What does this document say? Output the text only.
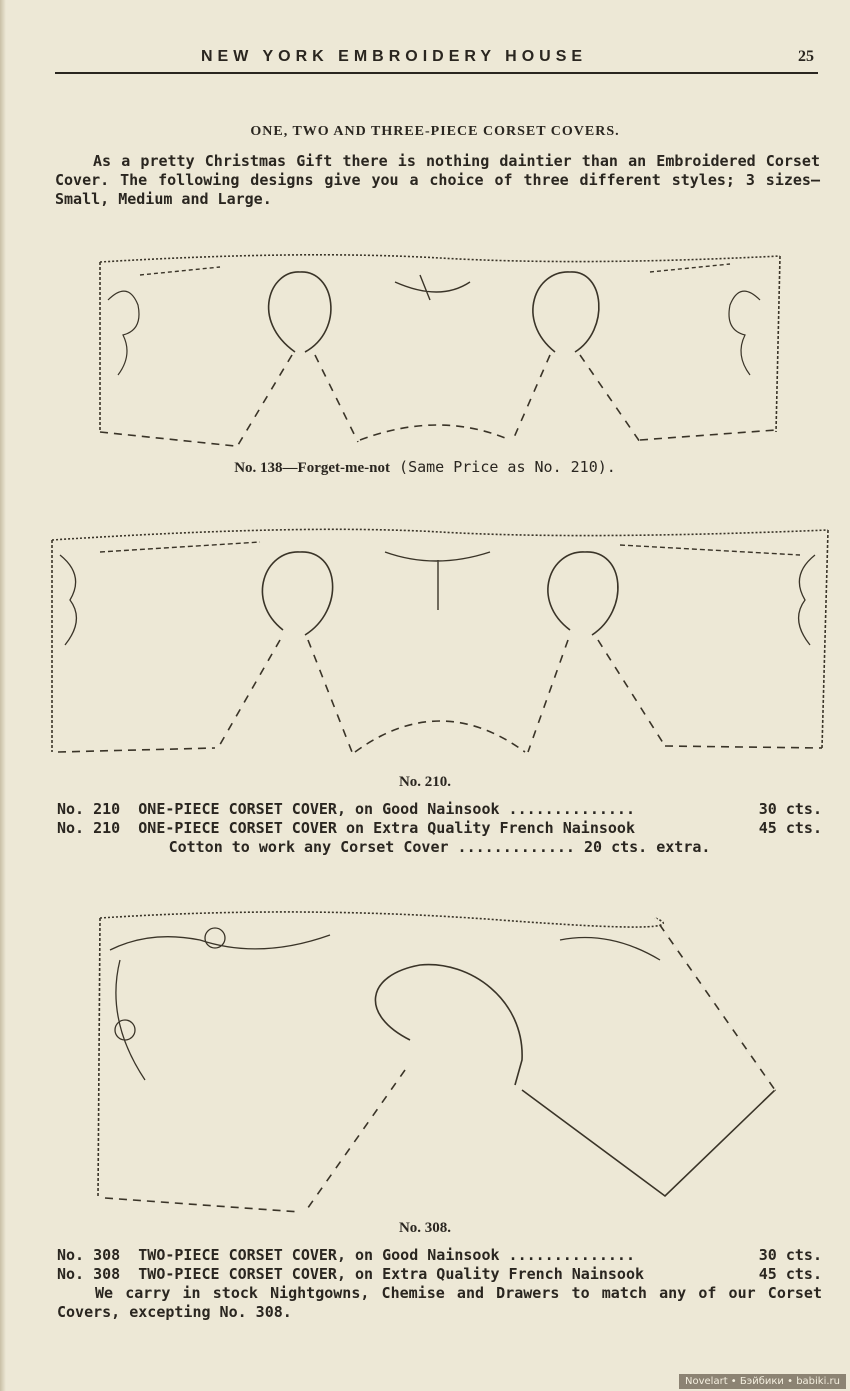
NEW YORK EMBROIDERY HOUSE	25
ONE, TWO AND THREE-PIECE CORSET COVERS.

As a pretty Christmas Gift there is nothing daintier than an Embroidered Corset Cover. The following designs give you a choice of three different styles; 3 sizes—Small, Medium and Large.

No. 138—Forget-me-not (Same Price as No. 210).
No. 210.
No. 210  ONE-PIECE CORSET COVER, on Good Nainsook ..............	30 cts.
No. 210  ONE-PIECE CORSET COVER on Extra Quality French Nainsook	45 cts.
Cotton to work any Corset Cover ............. 20 cts. extra.
No. 308.
No. 308  TWO-PIECE CORSET COVER, on Good Nainsook ..............	30 cts.
No. 308  TWO-PIECE CORSET COVER, on Extra Quality French Nainsook	45 cts.

We carry in stock Nightgowns, Chemise and Drawers to match any of our Corset Covers, excepting No. 308.

Novelart • Бэйбики • babiki.ru
